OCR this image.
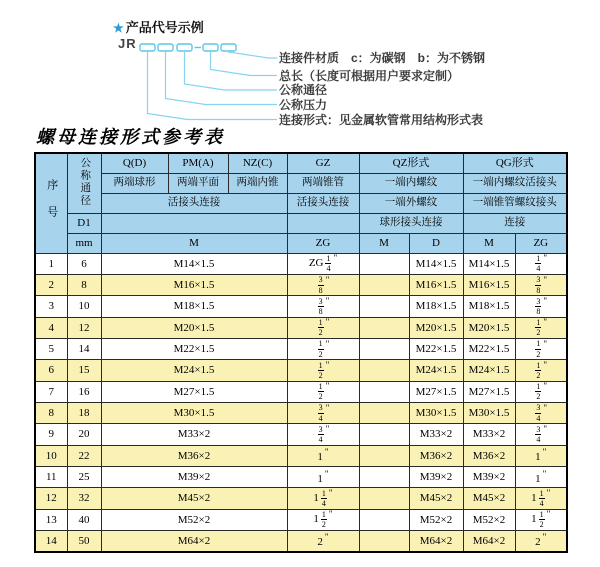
★ 产品代号示例
JR
连接件材质　c：为碳钢　b：为不锈钢
总长（长度可根据用户要求定制）
公称通径
公称压力
连接形式：见金属软管常用结构形式表
螺母连接形式参考表
序号	公称通径	Q(D)	PM(A)	NZ(C)	GZ	QZ形式		QG形式	
		两端球形	两端平面	两端内锥	两端锥管	一端内螺纹		一端内螺纹活接头	
		活接头连接			活接头连接	一端外螺纹		一端锥管螺纹接头	
	D1					球形接头连接		连接	
	mm	M			ZG	M	D	M	ZG
1	6	M14×1.5			ZG $\frac{1}{4} ^"$		M14×1.5	M14×1.5	$\frac{1}{4} ^"$
2	8	M16×1.5			$\frac{3}{8} ^"$		M16×1.5	M16×1.5	$\frac{3}{8} ^"$
3	10	M18×1.5			$\frac{3}{8} ^"$		M18×1.5	M18×1.5	$\frac{3}{8} ^"$
4	12	M20×1.5			$\frac{1}{2} ^"$		M20×1.5	M20×1.5	$\frac{1}{2} ^"$
5	14	M22×1.5			$\frac{1}{2} ^"$		M22×1.5	M22×1.5	$\frac{1}{2} ^"$
6	15	M24×1.5			$\frac{1}{2} ^"$		M24×1.5	M24×1.5	$\frac{1}{2} ^"$
7	16	M27×1.5			$\frac{1}{2} ^"$		M27×1.5	M27×1.5	$\frac{1}{2} ^"$
8	18	M30×1.5			$\frac{3}{4} ^"$		M30×1.5	M30×1.5	$\frac{3}{4} ^"$
9	20	M33×2			$\frac{3}{4} ^"$		M33×2	M33×2	$\frac{3}{4} ^"$
10	22	M36×2			1 "		M36×2	M36×2	1 "
11	25	M39×2			1 "		M39×2	M39×2	1 "
12	32	M45×2			$1 \frac{1}{4} ^"$		M45×2	M45×2	$1 \frac{1}{4} ^"$
13	40	M52×2			$1 \frac{1}{2} ^"$		M52×2	M52×2	$1 \frac{1}{2} ^"$
14	50	M64×2			2 "		M64×2	M64×2	2 "
